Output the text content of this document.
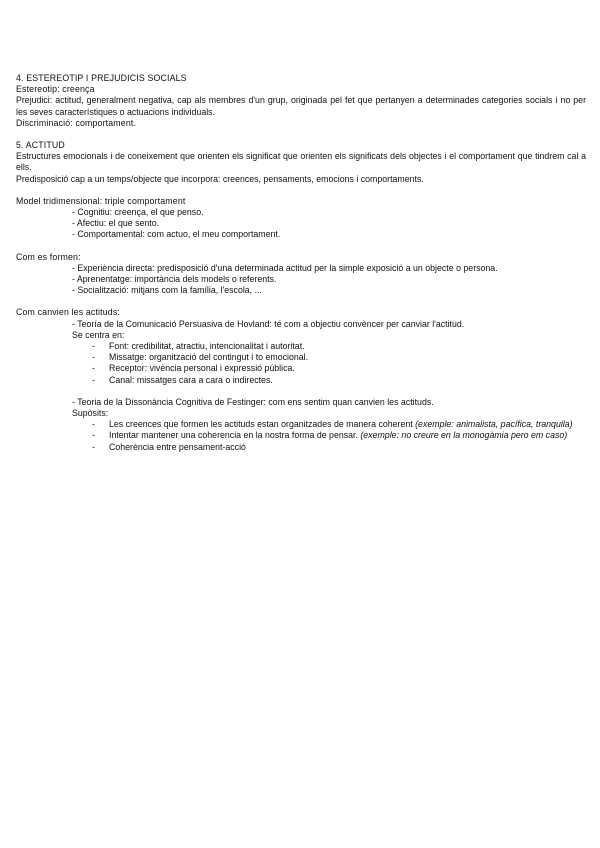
4. ESTEREOTIP I PREJUDICIS SOCIALS

Estereotip: creença

Prejudici: actitud, generalment negativa, cap als membres d'un grup, originada pel fet que pertanyen a determinades categories socials i no per les seves característiques o actuacions individuals.

Discriminació: comportament.

5. ACTITUD

Estructures emocionals i de coneixement que orienten els significat que orienten els significats dels objectes i el comportament que tindrem cal a ells.

Predisposició cap a un temps/objecte que incorpora: creences, pensaments, emocions i comportaments.

Model tridimensional: triple comportament

- Cognitiu: creença, el que penso.

- Afectiu: el que sento.

- Comportamental: com actuo, el meu comportament.

Com es formen:

- Experiència directa: predisposició d'una determinada actitud per la simple exposició a un objecte o persona.

- Aprenentatge: importància dels models o referents.

- Socialització: mitjans com la família, l'escola, ...

Com canvien les actituds:

- Teoría de la Comunicació Persuasiva de Hovland: té com a objectiu convèncer per canviar l'actitud.

Se centra en:

- Font: credibilitat, atractiu, intencionalitat i autoritat.

- Missatge: organització del contingut i to emocional.

- Receptor: vivència personal i expressió pública.

- Canal: missatges cara a cara o indirectes.

- Teoria de la Dissonància Cognitiva de Festinger: com ens sentim quan canvien les actituds.

Supòsits:

- Les creences que formen les actituds estan organitzades de manera coherent (exemple: animalista, pacífica, tranquila)

- Intentar mantener una coherencia en la nostra forma de pensar. (exemple: no creure en la monogàmia pero em caso)

- Coherència entre pensament-acció
